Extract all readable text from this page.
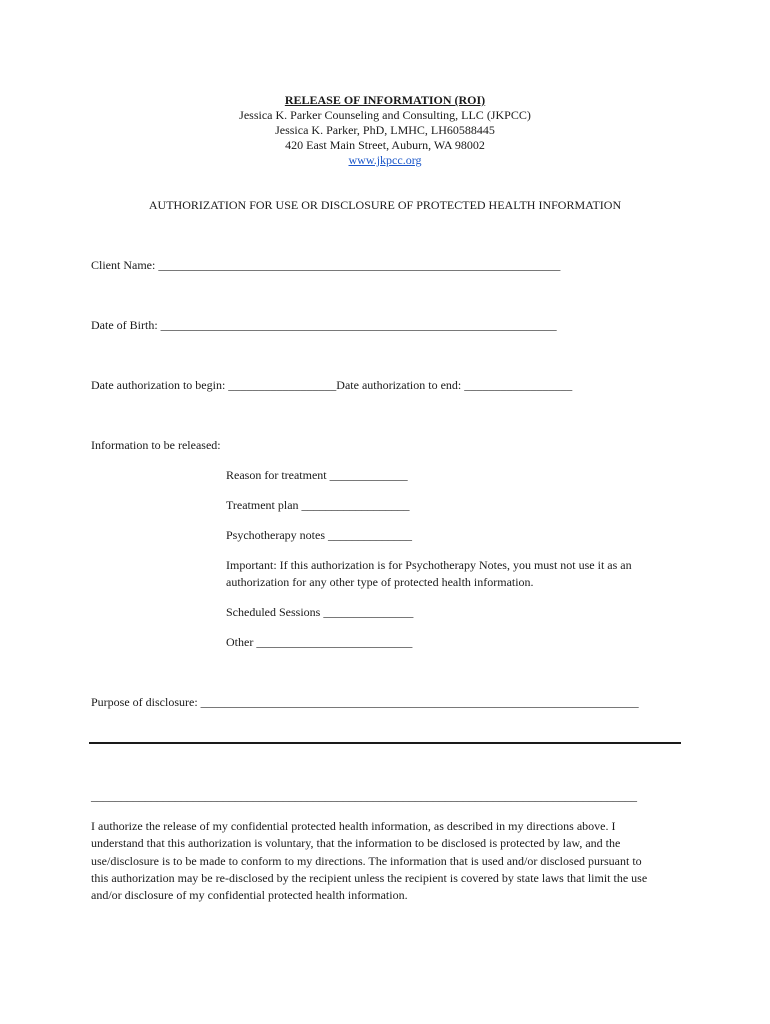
RELEASE OF INFORMATION (ROI)
Jessica K. Parker Counseling and Consulting, LLC (JKPCC)
Jessica K. Parker, PhD, LMHC, LH60588445
420 East Main Street, Auburn, WA 98002
www.jkpcc.org
AUTHORIZATION FOR USE OR DISCLOSURE OF PROTECTED HEALTH INFORMATION
Client Name: ___________________________________________________________________
Date of Birth: __________________________________________________________________
Date authorization to begin: __________________Date authorization to end: __________________
Information to be released:
Reason for treatment _____________
Treatment plan __________________
Psychotherapy notes ______________
Important: If this authorization is for Psychotherapy Notes, you must not use it as an authorization for any other type of protected health information.
Scheduled Sessions _______________
Other __________________________
Purpose of disclosure: _________________________________________________________________________
___________________________________________________________________________________________
I authorize the release of my confidential protected health information, as described in my directions above. I
understand that this authorization is voluntary, that the information to be disclosed is protected by law, and the
use/disclosure is to be made to conform to my directions. The information that is used and/or disclosed pursuant to
this authorization may be re-disclosed by the recipient unless the recipient is covered by state laws that limit the use
and/or disclosure of my confidential protected health information.
